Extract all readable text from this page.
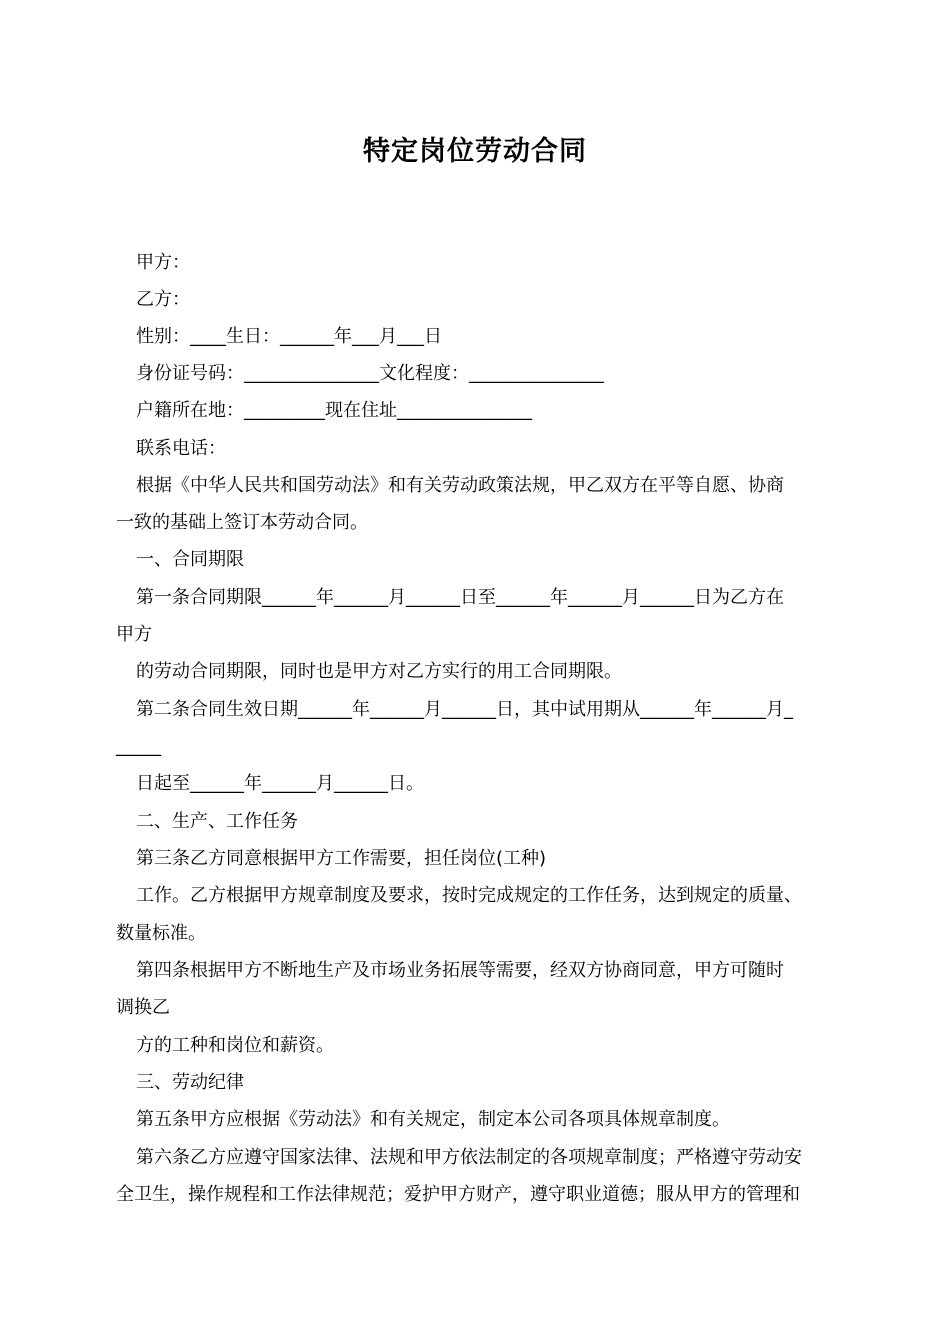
特定岗位劳动合同
甲方：
乙方：
性别：____生日：______年___月___日
身份证号码：_______________文化程度：_______________
户籍所在地：_________现在住址_______________
联系电话：
根据《中华人民共和国劳动法》和有关劳动政策法规，甲乙双方在平等自愿、协商
一致的基础上签订本劳动合同。
一、合同期限
第一条合同期限______年______月______日至______年______月______日为乙方在
甲方
的劳动合同期限，同时也是甲方对乙方实行的用工合同期限。
第二条合同生效日期______年______月______日，其中试用期从______年______月_
_____
日起至______年______月______日。
二、生产、工作任务
第三条乙方同意根据甲方工作需要，担任岗位(工种)
工作。乙方根据甲方规章制度及要求，按时完成规定的工作任务，达到规定的质量、
数量标准。
第四条根据甲方不断地生产及市场业务拓展等需要，经双方协商同意，甲方可随时
调换乙
方的工种和岗位和薪资。
三、劳动纪律
第五条甲方应根据《劳动法》和有关规定，制定本公司各项具体规章制度。
第六条乙方应遵守国家法律、法规和甲方依法制定的各项规章制度；严格遵守劳动安
全卫生，操作规程和工作法律规范；爱护甲方财产，遵守职业道德；服从甲方的管理和
